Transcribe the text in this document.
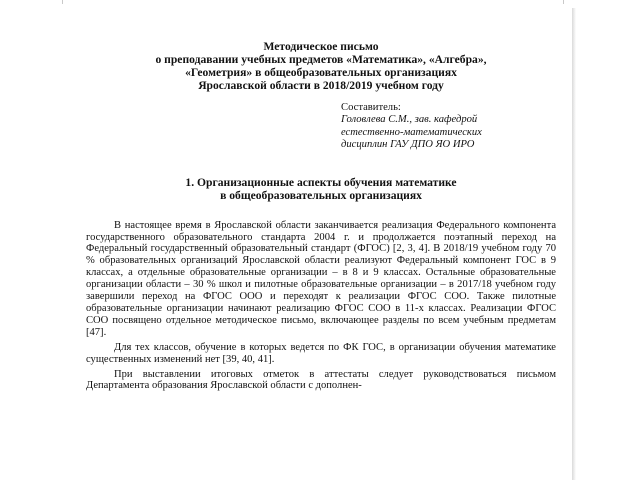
Методическое письмо
о преподавании учебных предметов «Математика», «Алгебра»,
«Геометрия» в общеобразовательных организациях
Ярославской области в 2018/2019 учебном году
Составитель:
Головлева С.М., зав. кафедрой
естественно-математических
дисциплин ГАУ ДПО ЯО ИРО
1. Организационные аспекты обучения математике
в общеобразовательных организациях

В настоящее время в Ярославской области заканчивается реализация Федерального компонента государственного образовательного стандарта 2004 г. и продолжается поэтапный переход на Федеральный государственный образовательный стандарт (ФГОС) [2, 3, 4]. В 2018/19 учебном году 70 % образовательных организаций Ярославской области реализуют Федеральный компонент ГОС в 9 классах, а отдельные образовательные организации – в 8 и 9 классах. Остальные образовательные организации области – 30 % школ и пилотные образовательные организации – в 2017/18 учебном году завершили переход на ФГОС ООО и переходят к реализации ФГОС СОО. Также пилотные образовательные организации начинают реализацию ФГОС СОО в 11-х классах. Реализации ФГОС СОО посвящено отдельное методическое письмо, включающее разделы по всем учебным предметам [47].

Для тех классов, обучение в которых ведется по ФК ГОС, в организации обучения математике существенных изменений нет [39, 40, 41].

При выставлении итоговых отметок в аттестаты следует руководствоваться письмом Департамента образования Ярославской области с дополнен-
